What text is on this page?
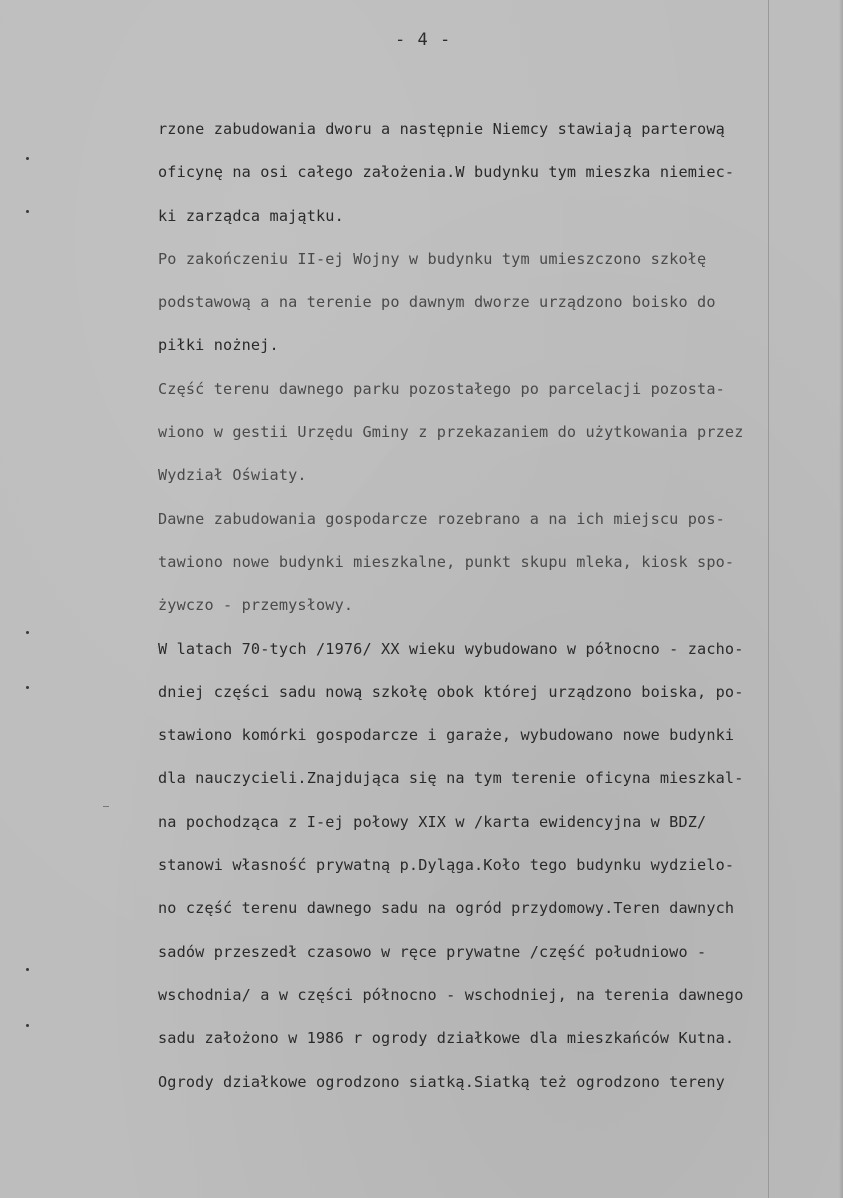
- 4 -
rzone zabudowania dworu a następnie Niemcy stawiają parterową
oficynę na osi całego założenia.W budynku tym mieszka niemiec-
ki zarządca majątku.
Po zakończeniu II-ej Wojny w budynku tym umieszczono szkołę
podstawową a na terenie po dawnym dworze urządzono boisko do
piłki nożnej.
Część terenu dawnego parku pozostałego po parcelacji pozosta-
wiono w gestii Urzędu Gminy z przekazaniem do użytkowania przez
Wydział Oświaty.
Dawne zabudowania gospodarcze rozebrano a na ich miejscu pos-
tawiono nowe budynki mieszkalne, punkt skupu mleka, kiosk spo-
żywczo - przemysłowy.
W latach 70-tych /1976/ XX wieku wybudowano w północno - zacho-
dniej części sadu nową szkołę obok której urządzono boiska, po-
stawiono komórki gospodarcze i garaże, wybudowano nowe budynki
dla nauczycieli.Znajdująca się na tym terenie oficyna mieszkal-
na pochodząca z I-ej połowy XIX w /karta ewidencyjna w BDZ/
stanowi własność prywatną p.Dyląga.Koło tego budynku wydzielo-
no część terenu dawnego sadu na ogród przydomowy.Teren dawnych
sadów przeszedł czasowo w ręce prywatne /część południowo -
wschodnia/ a w części północno - wschodniej, na terenia dawnego
sadu założono w 1986 r ogrody działkowe dla mieszkańców Kutna.
Ogrody działkowe ogrodzono siatką.Siatką też ogrodzono tereny
